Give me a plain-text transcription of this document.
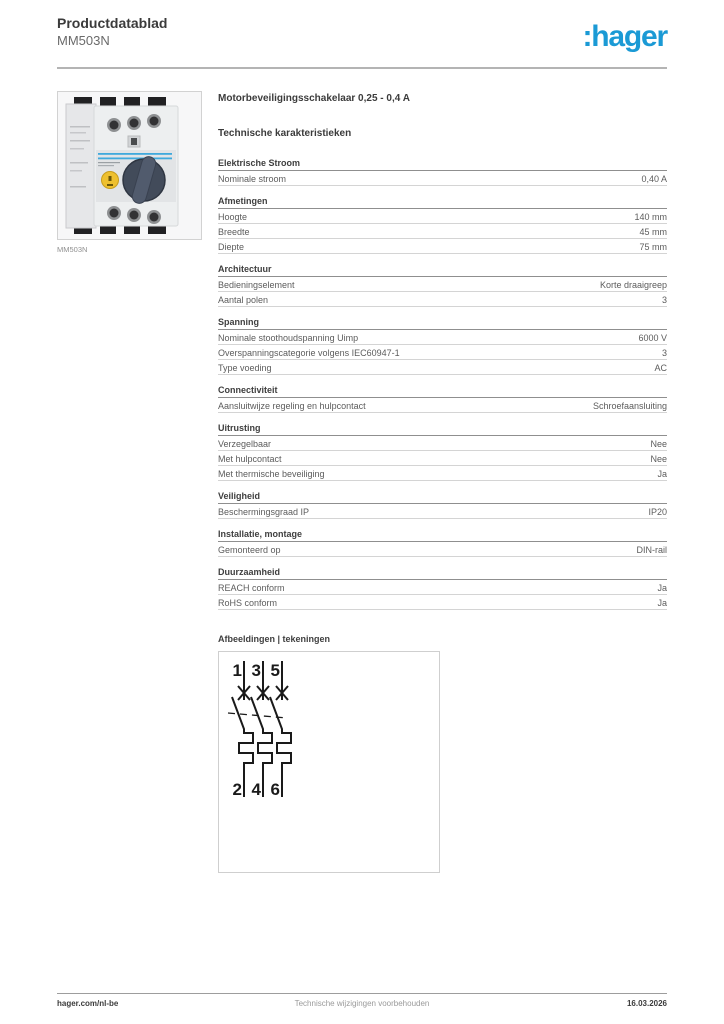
Productdatablad
MM503N	:hager
MM503N
Motorbeveiligingsschakelaar 0,25 - 0,4 A
Technische karakteristieken
Elektrische Stroom
Nominale stroom	0,40 A
Afmetingen
Hoogte	140 mm
Breedte	45 mm
Diepte	75 mm
Architectuur
Bedieningselement	Korte draaigreep
Aantal polen	3
Spanning
Nominale stoothoudspanning Uimp	6000 V
Overspanningscategorie volgens IEC60947-1	3
Type voeding	AC
Connectiviteit
Aansluitwijze regeling en hulpcontact	Schroefaansluiting
Uitrusting
Verzegelbaar	Nee
Met hulpcontact	Nee
Met thermische beveiliging	Ja
Veiligheid
Beschermingsgraad IP	IP20
Installatie, montage
Gemonteerd op	DIN-rail
Duurzaamheid
REACH conform	Ja
RoHS conform	Ja
Afbeeldingen | tekeningen
1 3 5
2 4 6
hager.com/nl-be	Technische wijzigingen voorbehouden	16.03.2026
